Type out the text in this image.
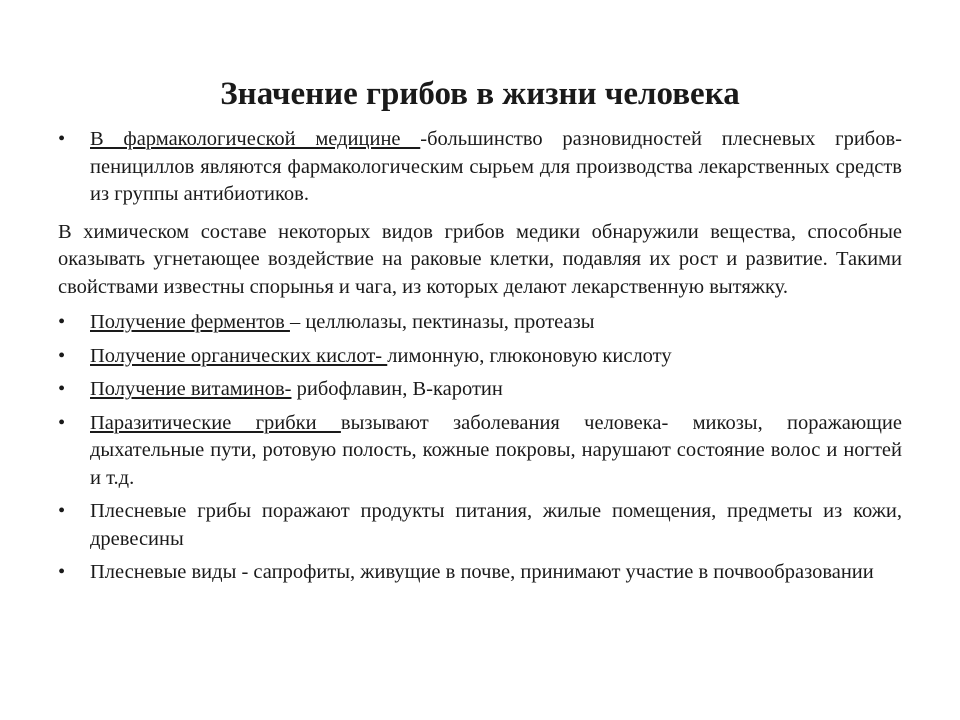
Значение грибов в жизни человека
• В фармакологической медицине -большинство разновидностей плесневых грибов-пенициллов являются фармакологическим сырьем для производства лекарственных средств из группы антибиотиков.
В химическом составе некоторых видов грибов медики обнаружили вещества, способные оказывать угнетающее воздействие на раковые клетки, подавляя их рост и развитие. Такими свойствами известны спорынья и чага, из которых делают лекарственную вытяжку.
• Получение ферментов – целлюлазы, пектиназы, протеазы
• Получение органических кислот- лимонную, глюконовую кислоту
• Получение витаминов- рибофлавин, В-каротин
• Паразитические грибки вызывают заболевания человека- микозы, поражающие дыхательные пути, ротовую полость, кожные покровы, нарушают состояние волос и ногтей и т.д.
• Плесневые грибы поражают продукты питания, жилые помещения, предметы из кожи, древесины
• Плесневые виды - сапрофиты, живущие в почве, принимают участие в почвообразовании
